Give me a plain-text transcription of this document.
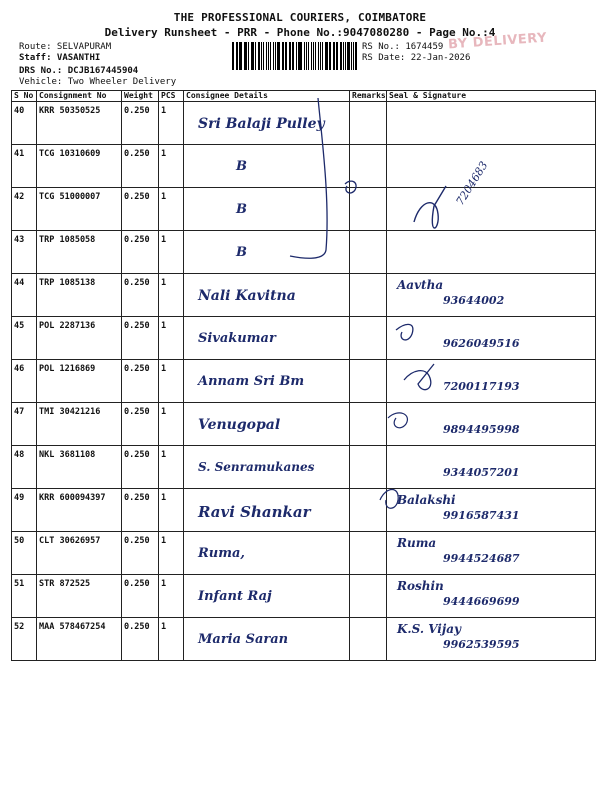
THE PROFESSIONAL COURIERS, COIMBATORE
Delivery Runsheet - PRR - Phone No.:9047080280 - Page No.:4
Route: SELVAPURAM
Staff: VASANTHI
DRS No.: DCJB167445904
Vehicle: Two Wheeler Delivery
RS No.: 1674459
RS Date: 22-Jan-2026
BY DELIVERY
S No	Consignment No	Weight	PCS	Consignee Details	Remarks	Seal & Signature

40	KRR 50350525	0.250	1	Sri Balaji Pulley		

41	TCG 10310609	0.250	1	B		

42	TCG 51000007	0.250	1	B		

43	TRP 1085058	0.250	1	B		

44	TRP 1085138	0.250	1	Nali Kavitna		Aavtha
93644002

45	POL 2287136	0.250	1	Sivakumar		9626049516

46	POL 1216869	0.250	1	Annam Sri Bm		7200117193

47	TMI 30421216	0.250	1	Venugopal		9894495998

48	NKL 3681108	0.250	1	S. Senramukanes		9344057201

49	KRR 600094397	0.250	1	Ravi Shankar		Balakshi
9916587431

50	CLT 30626957	0.250	1	Ruma,		Ruma
9944524687

51	STR 872525	0.250	1	Infant Raj		Roshin
9444669699

52	MAA 578467254	0.250	1	Maria Saran		K.S. Vijay
9962539595
7204683
